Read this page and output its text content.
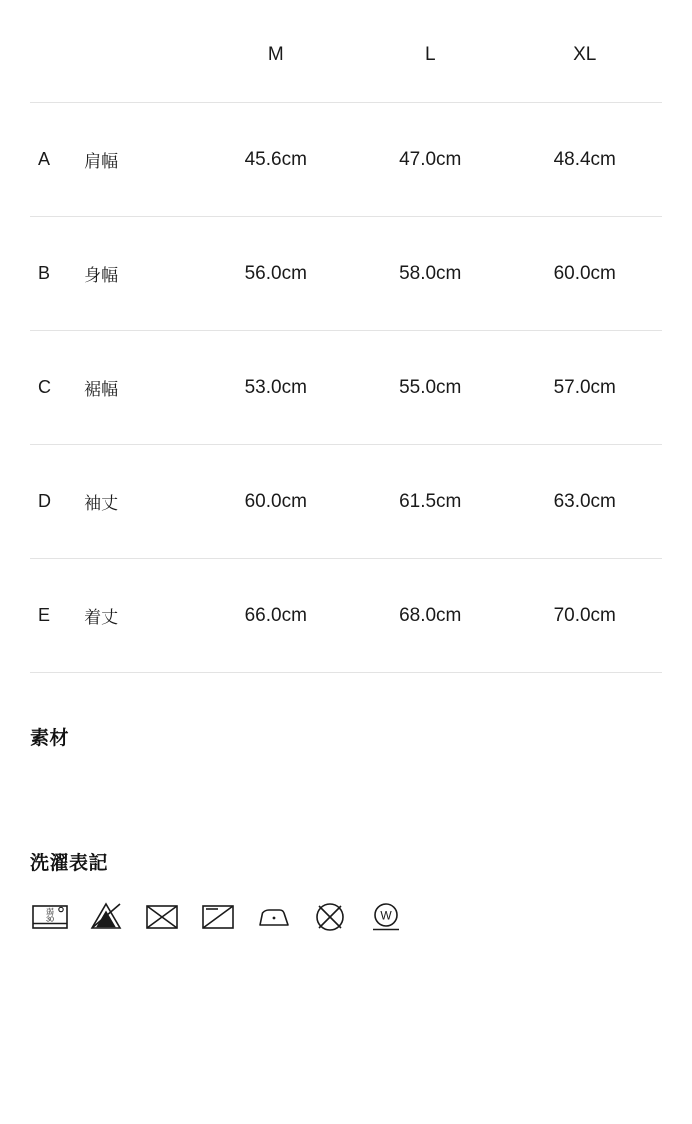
		M	L	XL
A	肩幅	45.6cm	47.0cm	48.4cm
B	身幅	56.0cm	58.0cm	60.0cm
C	裾幅	53.0cm	55.0cm	57.0cm
D	袖丈	60.0cm	61.5cm	63.0cm
E	着丈	66.0cm	68.0cm	70.0cm
素材
洗濯表記
弱
30	W
